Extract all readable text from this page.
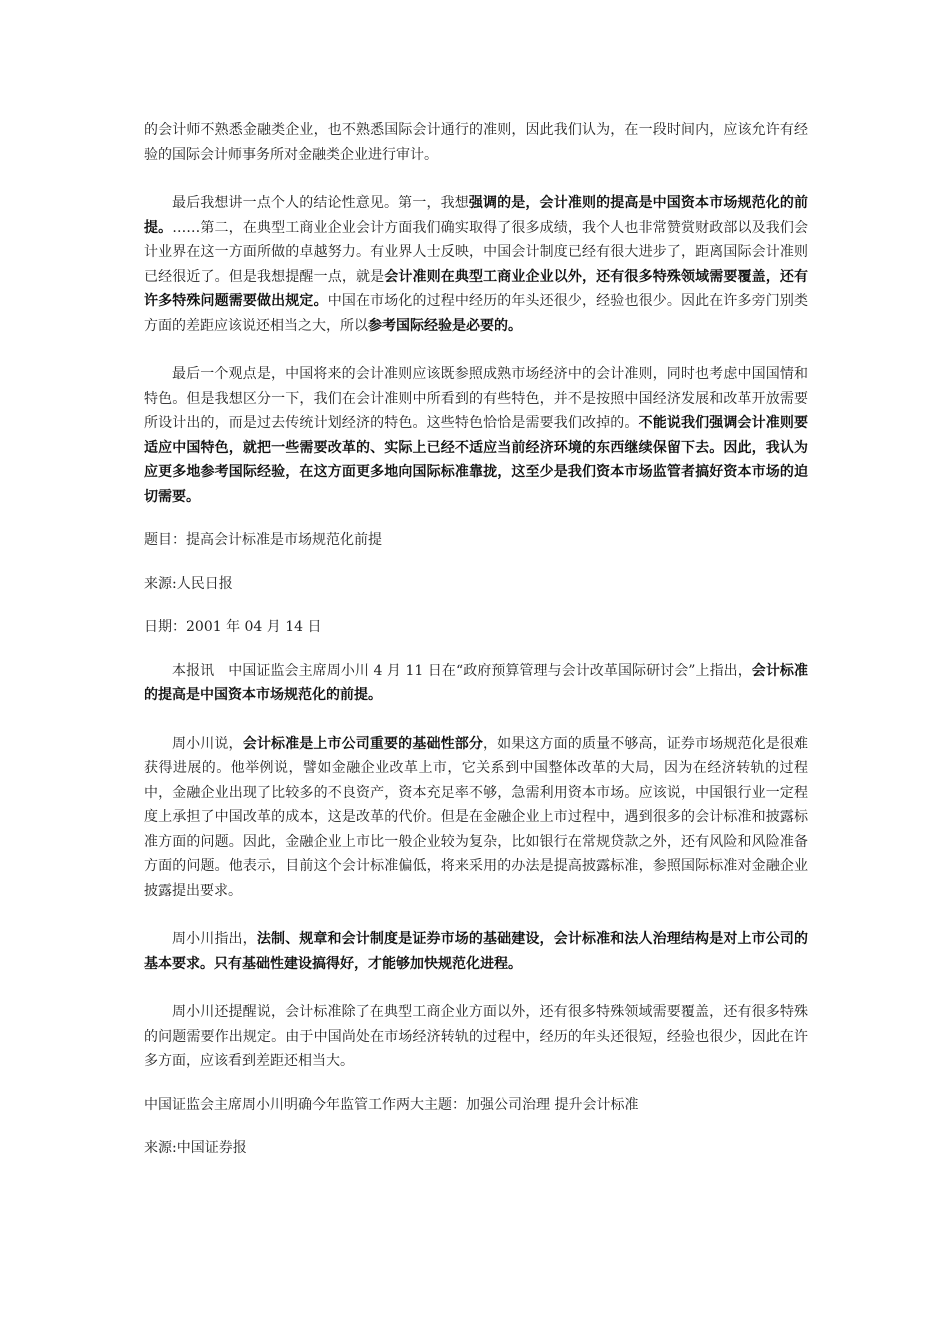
的会计师不熟悉金融类企业，也不熟悉国际会计通行的准则，因此我们认为，在一段时间内，应该允许有经验的国际会计师事务所对金融类企业进行审计。

最后我想讲一点个人的结论性意见。第一，我想强调的是，会计准则的提高是中国资本市场规范化的前提。……第二，在典型工商业企业会计方面我们确实取得了很多成绩，我个人也非常赞赏财政部以及我们会计业界在这一方面所做的卓越努力。有业界人士反映，中国会计制度已经有很大进步了，距离国际会计准则已经很近了。但是我想提醒一点，就是会计准则在典型工商业企业以外，还有很多特殊领域需要覆盖，还有许多特殊问题需要做出规定。中国在市场化的过程中经历的年头还很少，经验也很少。因此在许多旁门别类方面的差距应该说还相当之大，所以参考国际经验是必要的。

最后一个观点是，中国将来的会计准则应该既参照成熟市场经济中的会计准则，同时也考虑中国国情和特色。但是我想区分一下，我们在会计准则中所看到的有些特色，并不是按照中国经济发展和改革开放需要所设计出的，而是过去传统计划经济的特色。这些特色恰恰是需要我们改掉的。不能说我们强调会计准则要适应中国特色，就把一些需要改革的、实际上已经不适应当前经济环境的东西继续保留下去。因此，我认为应更多地参考国际经验，在这方面更多地向国际标准靠拢，这至少是我们资本市场监管者搞好资本市场的迫切需要。

题目：提高会计标准是市场规范化前提

来源:人民日报

日期：2001 年 04 月 14 日

本报讯　中国证监会主席周小川 4 月 11 日在“政府预算管理与会计改革国际研讨会”上指出，会计标准的提高是中国资本市场规范化的前提。

周小川说，会计标准是上市公司重要的基础性部分，如果这方面的质量不够高，证券市场规范化是很难获得进展的。他举例说，譬如金融企业改革上市，它关系到中国整体改革的大局，因为在经济转轨的过程中，金融企业出现了比较多的不良资产，资本充足率不够，急需利用资本市场。应该说，中国银行业一定程度上承担了中国改革的成本，这是改革的代价。但是在金融企业上市过程中，遇到很多的会计标准和披露标准方面的问题。因此，金融企业上市比一般企业较为复杂，比如银行在常规贷款之外，还有风险和风险准备方面的问题。他表示，目前这个会计标准偏低，将来采用的办法是提高披露标准，参照国际标准对金融企业披露提出要求。

周小川指出，法制、规章和会计制度是证券市场的基础建设，会计标准和法人治理结构是对上市公司的基本要求。只有基础性建设搞得好，才能够加快规范化进程。

周小川还提醒说，会计标准除了在典型工商企业方面以外，还有很多特殊领域需要覆盖，还有很多特殊的问题需要作出规定。由于中国尚处在市场经济转轨的过程中，经历的年头还很短，经验也很少，因此在许多方面，应该看到差距还相当大。

中国证监会主席周小川明确今年监管工作两大主题：加强公司治理 提升会计标准

来源:中国证券报
